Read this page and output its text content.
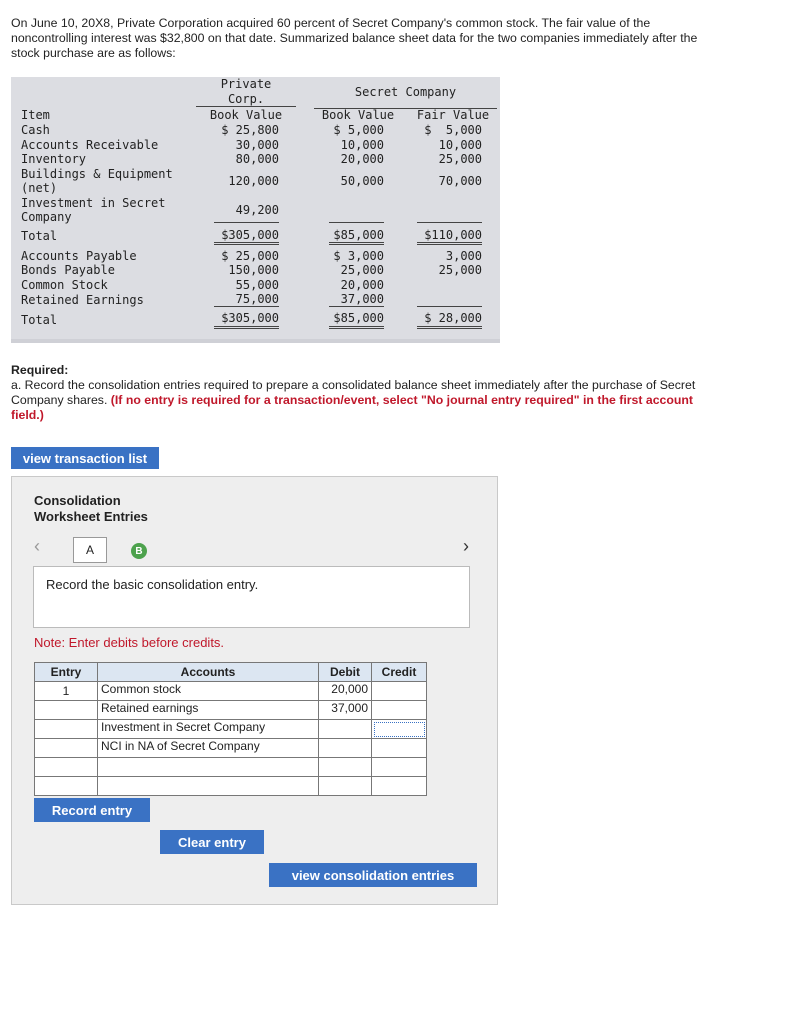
On June 10, 20X8, Private Corporation acquired 60 percent of Secret Company's common stock. The fair value of the noncontrolling interest was $32,800 on that date. Summarized balance sheet data for the two companies immediately after the stock purchase are as follows:
Private
Corp.	Secret Company
Item	Book Value	Book Value	Fair Value
Cash	$ 25,800	$ 5,000	$  5,000
Accounts Receivable	30,000	10,000	10,000
Inventory	80,000	20,000	25,000
Buildings & Equipment
(net)	120,000	50,000	70,000
Investment in Secret
Company	49,200
Total	$305,000	$85,000	$110,000
Accounts Payable	$ 25,000	$ 3,000	3,000
Bonds Payable	150,000	25,000	25,000
Common Stock	55,000	20,000
Retained Earnings	75,000	37,000
Total	$305,000	$85,000	$ 28,000
Required:
a. Record the consolidation entries required to prepare a consolidated balance sheet immediately after the purchase of Secret Company shares. (If no entry is required for a transaction/event, select "No journal entry required" in the first account field.)
view transaction list
Consolidation
Worksheet Entries
‹	A	B	›
Record the basic consolidation entry.
Note: Enter debits before credits.
Entry	Accounts	Debit	Credit
1	Common stock	20,000	

	Retained earnings	37,000	

	Investment in Secret Company		

	NCI in NA of Secret Company		

Record entry
Clear entry
view consolidation entries
